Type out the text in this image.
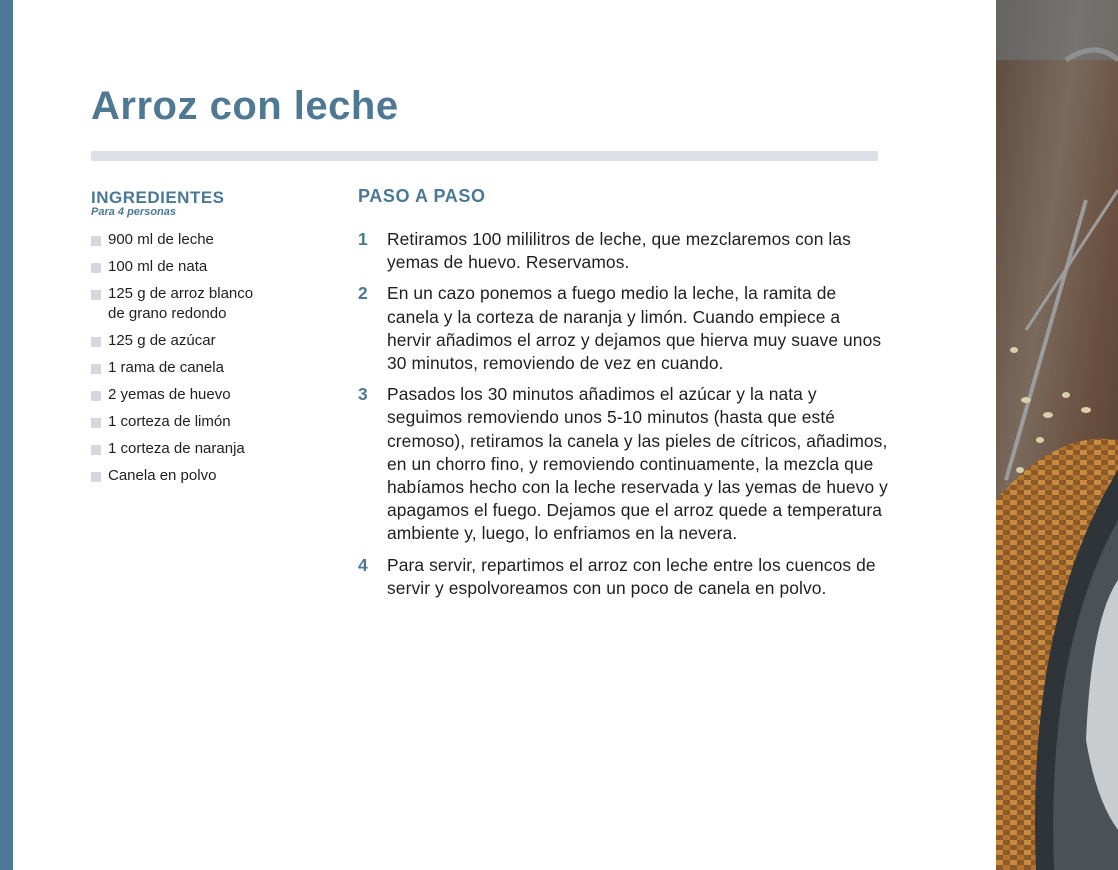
Arroz con leche
INGREDIENTES
Para 4 personas
900 ml de leche
100 ml de nata
125 g de arroz blanco
de grano redondo
125 g de azúcar
1 rama de canela
2 yemas de huevo
1 corteza de limón
1 corteza de naranja
Canela en polvo
PASO A PASO
1 Retiramos 100 mililitros de leche, que mezclaremos con las yemas de huevo. Reservamos.
2 En un cazo ponemos a fuego medio la leche, la ramita de canela y la corteza de naranja y limón. Cuando empiece a hervir añadimos el arroz y dejamos que hierva muy suave unos 30 minutos, removiendo de vez en cuando.
3 Pasados los 30 minutos añadimos el azúcar y la nata y seguimos removiendo unos 5-10 minutos (hasta que esté cremoso), retiramos la canela y las pieles de cítricos, añadimos, en un chorro fino, y removiendo continuamente, la mezcla que habíamos hecho con la leche reservada y las yemas de huevo y apagamos el fuego. Dejamos que el arroz quede a temperatura ambiente y, luego, lo enfriamos en la nevera.
4 Para servir, repartimos el arroz con leche entre los cuencos de servir y espolvoreamos con un poco de canela en polvo.
